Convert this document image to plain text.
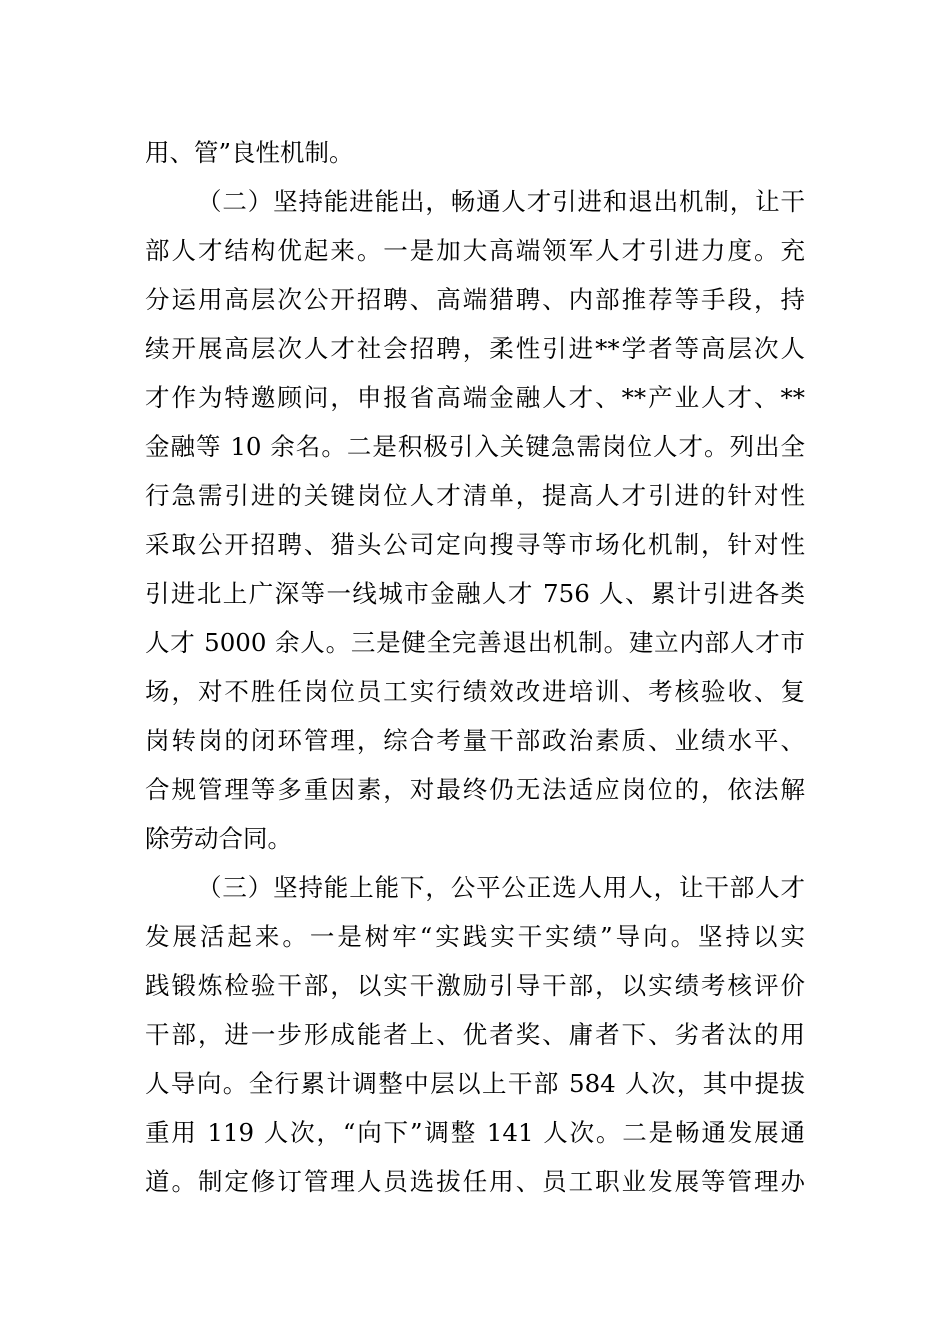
用、管”良性机制。
（二）坚持能进能出，畅通人才引进和退出机制，让干
部人才结构优起来。一是加大高端领军人才引进力度。充
分运用高层次公开招聘、高端猎聘、内部推荐等手段，持
续开展高层次人才社会招聘，柔性引进**学者等高层次人
才作为特邀顾问，申报省高端金融人才、**产业人才、**
金融等 10 余名。二是积极引入关键急需岗位人才。列出全
行急需引进的关键岗位人才清单，提高人才引进的针对性
采取公开招聘、猎头公司定向搜寻等市场化机制，针对性
引进北上广深等一线城市金融人才 756 人、累计引进各类
人才 5000 余人。三是健全完善退出机制。建立内部人才市
场，对不胜任岗位员工实行绩效改进培训、考核验收、复
岗转岗的闭环管理，综合考量干部政治素质、业绩水平、
合规管理等多重因素，对最终仍无法适应岗位的，依法解
除劳动合同。
（三）坚持能上能下，公平公正选人用人，让干部人才
发展活起来。一是树牢“实践实干实绩”导向。坚持以实
践锻炼检验干部，以实干激励引导干部，以实绩考核评价
干部，进一步形成能者上、优者奖、庸者下、劣者汰的用
人导向。全行累计调整中层以上干部 584 人次，其中提拔
重用 119 人次，“向下”调整 141 人次。二是畅通发展通
道。制定修订管理人员选拔任用、员工职业发展等管理办
